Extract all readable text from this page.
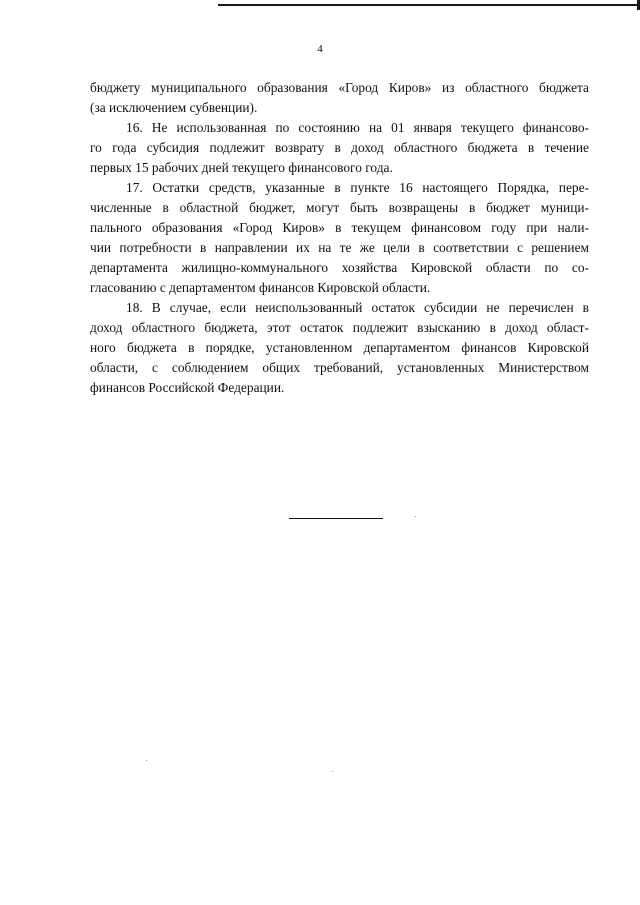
4
бюджету муниципального образования «Город Киров» из областного бюджета
(за исключением субвенции).
16. Не использованная по состоянию на 01 января текущего финансово-
го года субсидия подлежит возврату в доход областного бюджета в течение
первых 15 рабочих дней текущего финансового года.
17. Остатки средств, указанные в пункте 16 настоящего Порядка, пере-
численные в областной бюджет, могут быть возвращены в бюджет муници-
пального образования «Город Киров» в текущем финансовом году при нали-
чии потребности в направлении их на те же цели в соответствии с решением
департамента жилищно-коммунального хозяйства Кировской области по со-
гласованию с департаментом финансов Кировской области.
18. В случае, если неиспользованный остаток субсидии не перечислен в
доход областного бюджета, этот остаток подлежит взысканию в доход област-
ного бюджета в порядке, установленном департаментом финансов Кировской
области, с соблюдением общих требований, установленных Министерством
финансов Российской Федерации.
